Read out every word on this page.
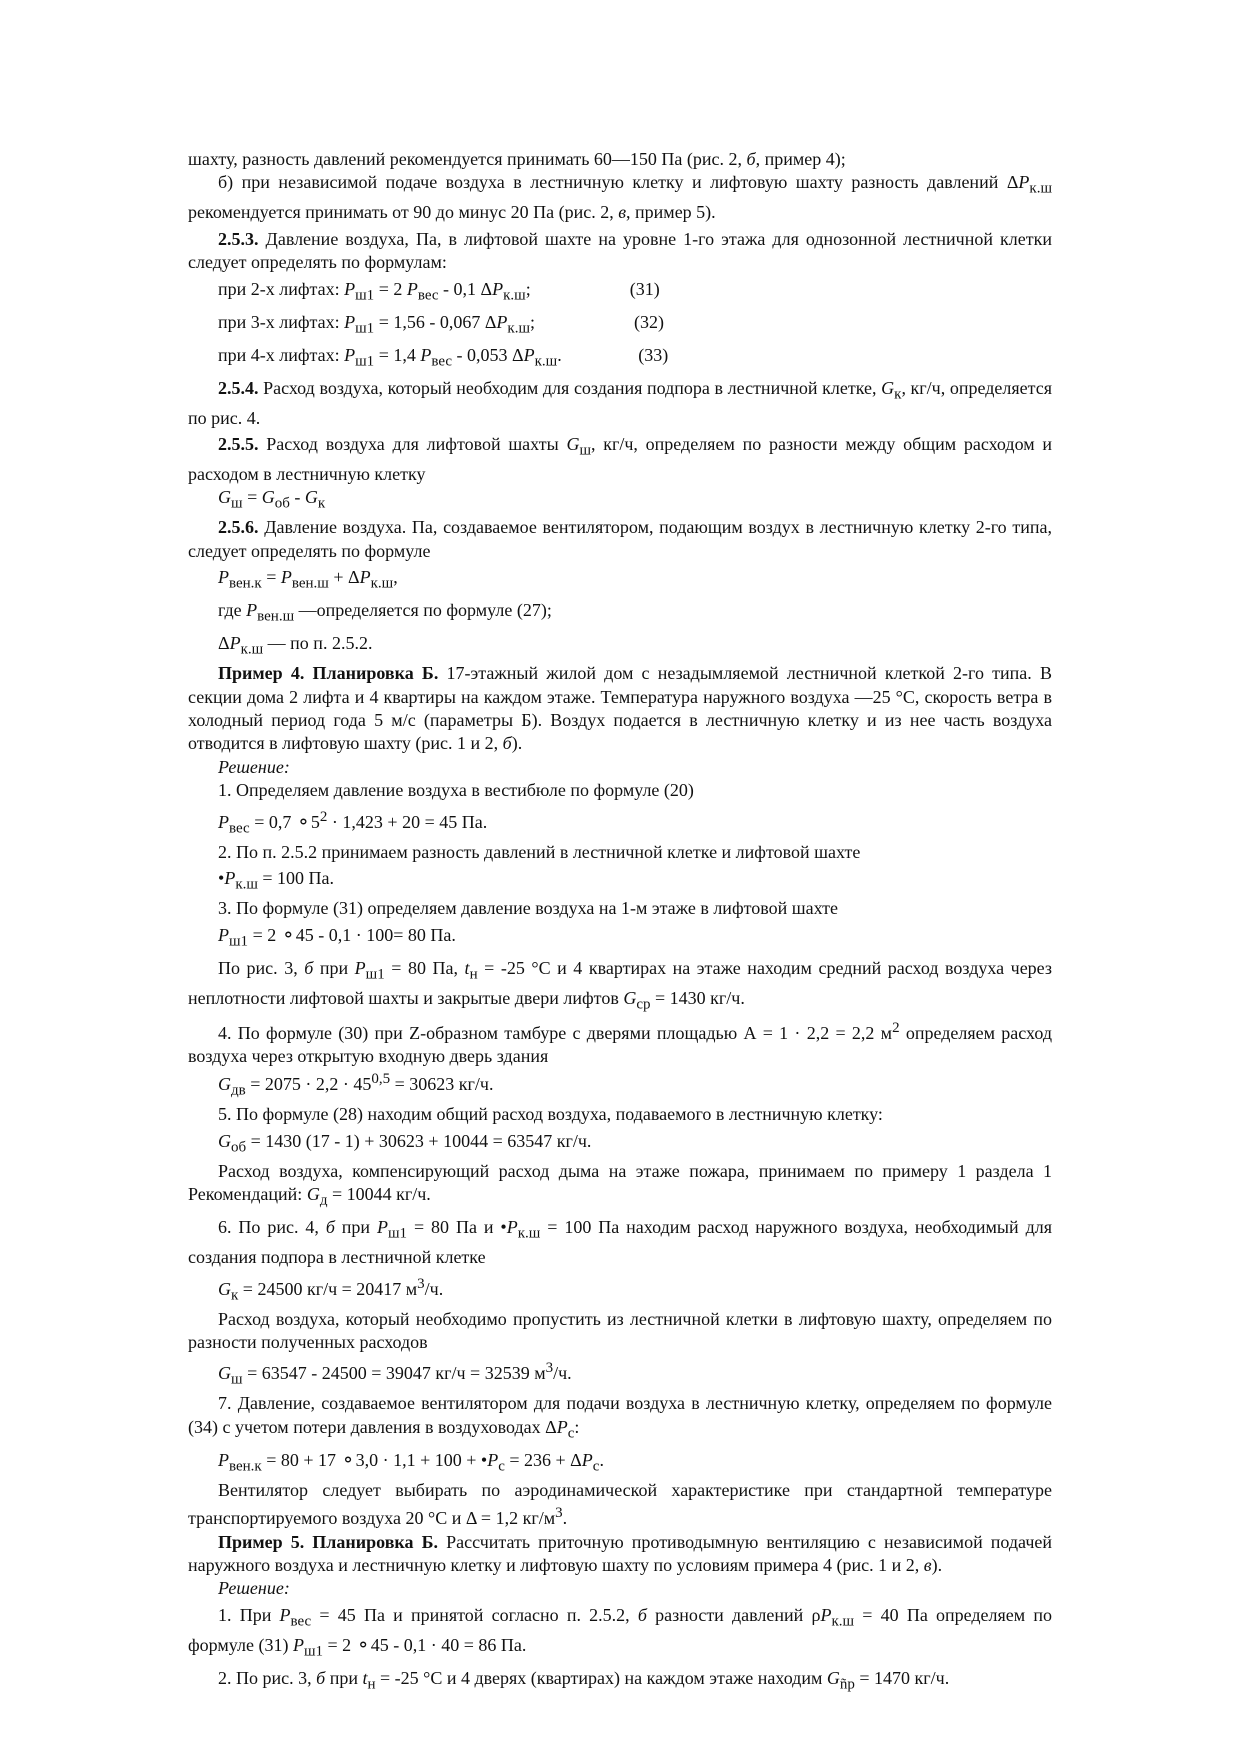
шахту, разность давлений рекомендуется принимать 60—150 Па (рис. 2, б, пример 4);

б) при независимой подаче воздуха в лестничную клетку и лифтовую шахту разность давлений $\Delta P_{к.ш}$ рекомендуется принимать от 90 до минус 20 Па (рис. 2, в, пример 5).

2.5.3. Давление воздуха, Па, в лифтовой шахте на уровне 1-го этажа для однозонной лестничной клетки следует определять по формулам:

при 2-х лифтах: $P_{ш1} = 2$ $P_{вес} - 0,1$ $\Delta P_{к.ш}$;                      (31)

при 3-х лифтах: $P_{ш1} = 1,56 - 0,067$ $\Delta P_{к.ш}$;                      (32)

при 4-х лифтах: $P_{ш1} = 1,4$ $P_{вес} - 0,053$ $\Delta P_{к.ш}$.                 (33)

2.5.4. Расход воздуха, который необходим для создания подпора в лестничной клетке, $G_к$, кг/ч, определяется по рис. 4.

2.5.5. Расход воздуха для лифтовой шахты $G_ш$, кг/ч, определяем по разности между общим расходом и расходом в лестничную клетку

$G_ш = G_{об} - G_к$

2.5.6. Давление воздуха. Па, создаваемое вентилятором, подающим воздух в лестничную клетку 2-го типа, следует определять по формуле

$P_{вен.к} = P_{вен.ш} + \Delta P_{к.ш}$,

где $P_{вен.ш}$ —определяется по формуле (27);

$\Delta P_{к.ш}$ — по п. 2.5.2.

Пример 4. Планировка Б. 17-этажный жилой дом с незадымляемой лестничной клеткой 2-го типа. В секции дома 2 лифта и 4 квартиры на каждом этаже. Температура наружного воздуха —25 °С, скорость ветра в холодный период года 5 м/с (параметры Б). Воздух подается в лестничную клетку и из нее часть воздуха отводится в лифтовую шахту (рис. 1 и 2, б).

Решение:

1. Определяем давление воздуха в вестибюле по формуле (20)

$P_{вес} = 0,7$ $⚬5^2 \cdot 1,423 + 20 = 45$ Па.

2. По п. 2.5.2 принимаем разность давлений в лестничной клетке и лифтовой шахте

$•P_{к.ш} = 100$ Па.

3. По формуле (31) определяем давление воздуха на 1-м этаже в лифтовой шахте

$P_{ш1} = 2$ ⚬45 - 0,1 · 100= 80 Па.

По рис. 3, б при $P_{ш1} = 80$ Па, $t_н = -25$ °С и 4 квартирах на этаже находим средний расход воздуха через неплотности лифтовой шахты и закрытые двери лифтов $G_{ср} = 1430$ кг/ч.

4. По формуле (30) при Z-образном тамбуре с дверями площадью А = 1 · 2,2 = 2,2 $м^2$ определяем расход воздуха через открытую входную дверь здания

$G_{дв} = 2075 \cdot 2,2 \cdot 45^{0,5} = 30623$ кг/ч.

5. По формуле (28) находим общий расход воздуха, подаваемого в лестничную клетку:

$G_{об} = 1430$ (17 - 1) + 30623 + 10044 = 63547 кг/ч.

Расход воздуха, компенсирующий расход дыма на этаже пожара, принимаем по примеру 1 раздела 1 Рекомендаций: $G_д = 10044$ кг/ч.

6. По рис. 4, б при $P_{ш1} = 80$ Па и $•P_{к.ш} = 100$ Па находим расход наружного воздуха, необходимый для создания подпора в лестничной клетке

$G_к = 24500$ кг/ч = 20417 $м^3/ч$.

Расход воздуха, который необходимо пропустить из лестничной клетки в лифтовую шахту, определяем по разности полученных расходов

$G_ш = 63547 - 24500 = 39047$ кг/ч = 32539 $м^3/ч$.

7. Давление, создаваемое вентилятором для подачи воздуха в лестничную клетку, определяем по формуле (34) с учетом потери давления в воздуховодах $\Delta P_с$:

$P_{вен.к} = 80 + 17$ ⚬3,0 · $1,1 + 100 + •P_с = 236 + \Delta P_с$.

Вентилятор следует выбирать по аэродинамической характеристике при стандартной температуре транспортируемого воздуха 20 °С и Δ = 1,2 $кг/м^3$.

Пример 5. Планировка Б. Рассчитать приточную противодымную вентиляцию с независимой подачей наружного воздуха и лестничную клетку и лифтовую шахту по условиям примера 4 (рис. 1 и 2, в).

Решение:

1. При $P_{вес} = 45$ Па и принятой согласно п. 2.5.2, б разности давлений $\rho P_{к.ш} = 40$ Па определяем по формуле (31) $P_{ш1} = 2$ ⚬45 - 0,1 · 40 = 86 Па.

2. По рис. 3, б при $t_н = -25$ °С и 4 дверях (квартирах) на каждом этаже находим $G_{ñр} = 1470$ кг/ч.
